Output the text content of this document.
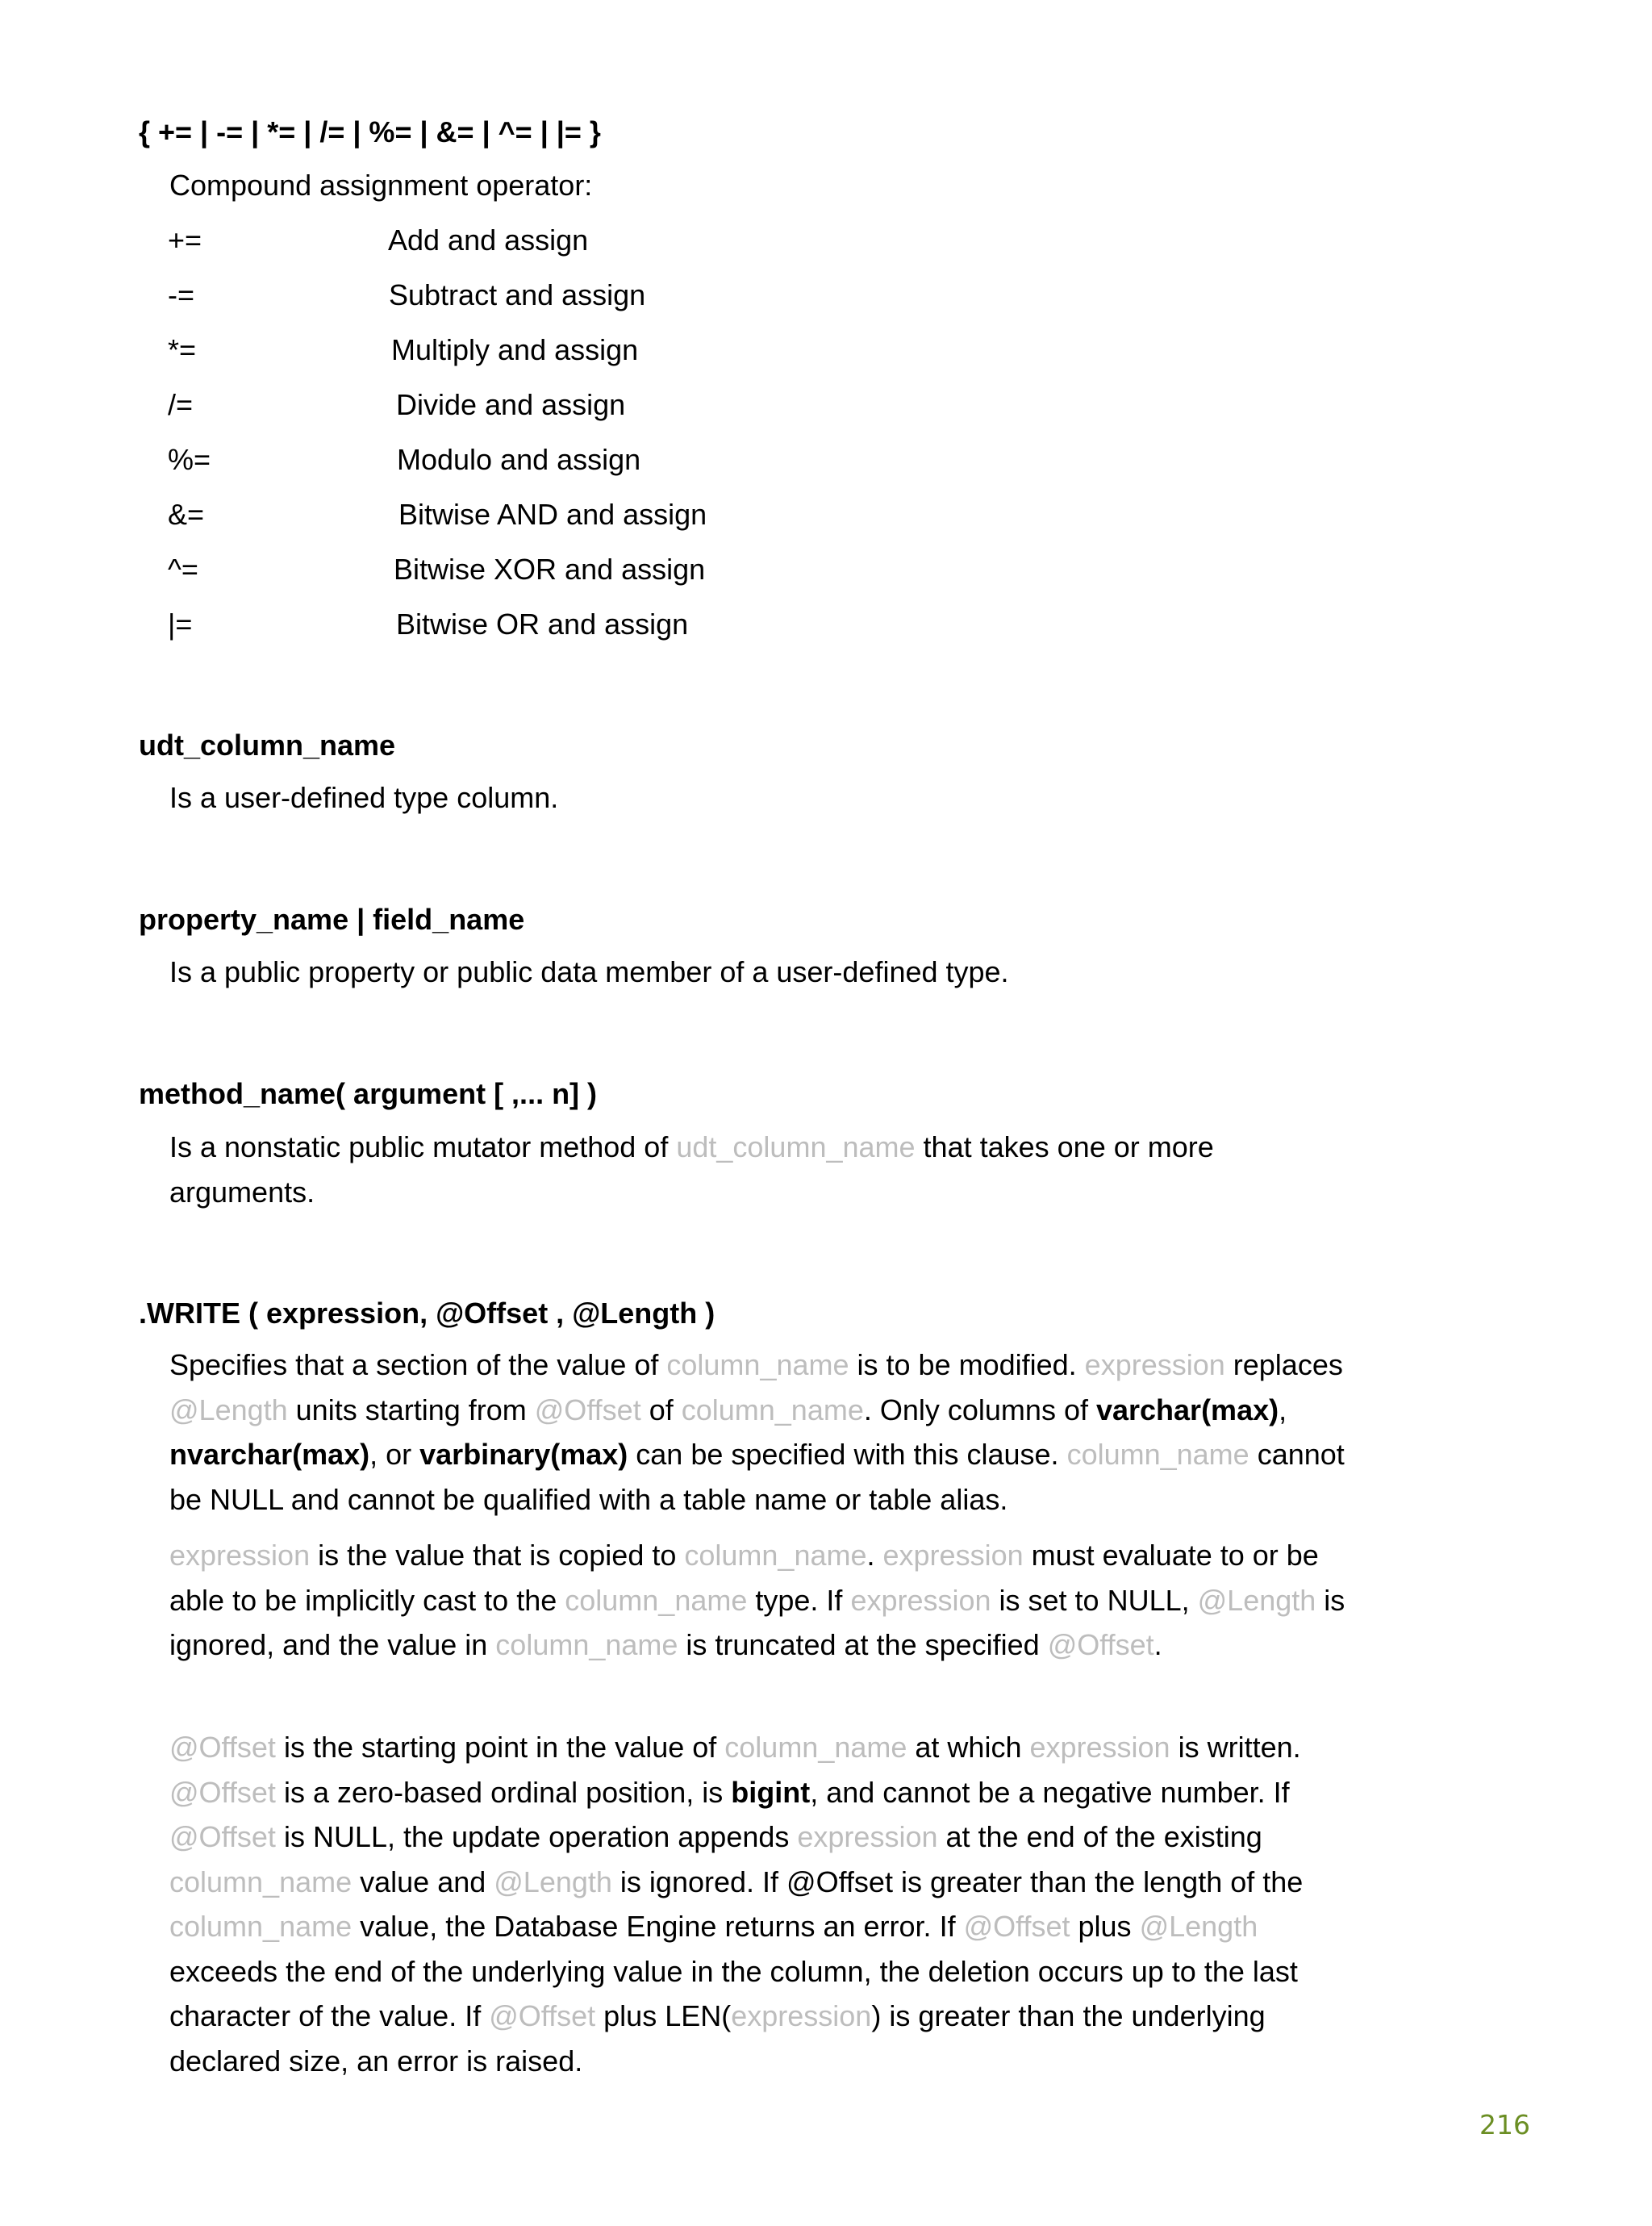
{ += | -= | *= | /= | %= | &= | ^= | |= }
Compound assignment operator:
+=	Add and assign
-=	Subtract and assign
*=	Multiply and assign
/=	Divide and assign
%=	Modulo and assign
&=	Bitwise AND and assign
^=	Bitwise XOR and assign
|=	Bitwise OR and assign
udt_column_name
Is a user-defined type column.
property_name | field_name
Is a public property or public data member of a user-defined type.
method_name( argument [ ,... n] )
Is a nonstatic public mutator method of udt_column_name that takes one or more arguments.
.WRITE ( expression, @Offset , @Length )
Specifies that a section of the value of column_name is to be modified. expression replaces @Length units starting from @Offset of column_name. Only columns of varchar(max), nvarchar(max), or varbinary(max) can be specified with this clause. column_name cannot be NULL and cannot be qualified with a table name or table alias.
expression is the value that is copied to column_name. expression must evaluate to or be able to be implicitly cast to the column_name type. If expression is set to NULL, @Length is ignored, and the value in column_name is truncated at the specified @Offset.
@Offset is the starting point in the value of column_name at which expression is written. @Offset is a zero-based ordinal position, is bigint, and cannot be a negative number. If @Offset is NULL, the update operation appends expression at the end of the existing column_name value and @Length is ignored. If @Offset is greater than the length of the column_name value, the Database Engine returns an error. If @Offset plus @Length exceeds the end of the underlying value in the column, the deletion occurs up to the last character of the value. If @Offset plus LEN(expression) is greater than the underlying declared size, an error is raised.
216
